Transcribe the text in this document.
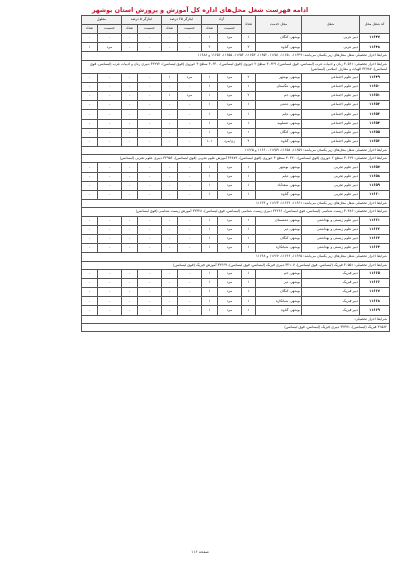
ادامه فهرست شغل محل‌های اداره کل آموزش و پرورش استان بوشهر
کد شغل محل	شغل	محل خدمت	تعداد	آزاد		ایثارگر ۲۵ درصد		ایثارگر ۵ درصد		معلول		
				جنسیت	تعداد	جنسیت	تعداد	جنسیت	تعداد	جنسیت	تعداد	
۱۱۶۴۷	دبیر عربی	بوشهر- کنگان	۱	مرد	۱	-	-	-	-	-	-	
۱۱۶۴۸	دبیر عربی	بوشهر- گناوه	۳	مرد	۲	-	-	-	-	مرد	۱	
شرایط احراز تحصیلی شغل محل‌های زیر یکسان می‌باشد: ۱۱۶۴۹، ۱۱۶۵۰، ۱۱۶۵۱، ۱۱۶۵۲، ۱۱۶۵۳، ۱۱۶۵۴، ۱۱۶۵۵، ۱۱۶۵۶ و ۱۱۶۸۸												
شرایط احراز تحصیلی: ۳۰۵۶۱ زبان و ادبیات عرب (لیسانس، فوق لیسانس)، ۳۰۶۲۹ سطح ۲ حوزوی (فوق لیسانس)، ۳۰۶۳۰ سطح ۳ حوزوی (فوق لیسانس)، ۳۲۲۷۲ دبیری زبان و ادبیات عرب (لیسانس، فوق لیسانس)، ۳۲۷۸۷ الهیات و معارف اسلامی (لیسانس)												
۱۱۶۴۹	دبیر علوم اجتماعی	بوشهر- بوشهر	۲	مرد	۱	مرد	۱	-	-	-	-	
۱۱۶۵۰	دبیر علوم اجتماعی	بوشهر- تنگستان	۱	مرد	۱	-	-	-	-	-	-	
۱۱۶۵۱	دبیر علوم اجتماعی	بوشهر- جم	۲	مرد	۱	مرد	۱	-	-	-	-	
۱۱۶۵۲	دبیر علوم اجتماعی	بوشهر- دشتی	۱	مرد	۱	-	-	-	-	-	-	
۱۱۶۵۳	دبیر علوم اجتماعی	بوشهر- دیلم	۱	مرد	۱	-	-	-	-	-	-	
۱۱۶۵۴	دبیر علوم اجتماعی	بوشهر- عسلویه	۱	مرد	۱	-	-	-	-	-	-	
۱۱۶۵۵	دبیر علوم اجتماعی	بوشهر- کنگان	۱	مرد	۱	-	-	-	-	-	-	
۱۱۶۵۶	دبیر علوم اجتماعی	بوشهر- گناوه	۴	زن/مرد	۱ ،۱	-	-	-	-	-	-	
شرایط احراز تحصیلی شغل محل‌های زیر یکسان می‌باشد: ۱۱۶۵۷، ۱۱۶۵۸، ۱۱۶۵۹، ۱۱۶۶۰ و ۱۱۶۶۵												
شرایط احراز تحصیلی: ۳۰۶۲۹ سطح ۲ حوزوی (فوق لیسانس)، ۳۰۶۳۰ سطح ۳ حوزوی (فوق لیسانس)، ۳۲۸۷۹ آموزش علوم تجربی (فوق لیسانس)، ۳۲۹۵۶ دبیری علوم تجربی (لیسانس)												
۱۱۶۵۷	دبیر علوم تجربی	بوشهر- بوشهر	۱	مرد	۱	-	-	-	-	-	-	
۱۱۶۵۸	دبیر علوم تجربی	بوشهر- دیلم	۱	مرد	۱	-	-	-	-	-	-	
۱۱۶۵۹	دبیر علوم تجربی	بوشهر- سعدآباد	۱	مرد	۱	-	-	-	-	-	-	
۱۱۶۶۰	دبیر علوم تجربی	بوشهر- گناوه	۱	مرد	۱	-	-	-	-	-	-	
شرایط احراز تحصیلی شغل محل‌های زیر یکسان می‌باشد: ۱۱۶۶۱، ۱۱۶۶۲، ۱۱۶۶۳ و ۱۱۶۶۴												
شرایط احراز تحصیلی: ۳۰۴۸۶ زیست شناسی (لیسانس، فوق لیسانس)، ۳۲۲۶۶ دبیری زیست شناسی (لیسانس، فوق لیسانس)، ۳۲۳۲۸ آموزش زیست شناسی (فوق لیسانس)												
۱۱۶۶۱	دبیر علوم زیستی و بهداشتی	بوشهر- دشتستان	۱	مرد	۱	-	-	-	-	-	-	
۱۱۶۶۲	دبیر علوم زیستی و بهداشتی	بوشهر- دیر	۱	مرد	۱	-	-	-	-	-	-	
۱۱۶۶۳	دبیر علوم زیستی و بهداشتی	بوشهر- کنگان	۱	مرد	۱	-	-	-	-	-	-	
۱۱۶۶۴	دبیر علوم زیستی و بهداشتی	بوشهر- شبانکاره	۱	مرد	۱	-	-	-	-	-	-	
شرایط احراز تحصیلی شغل محل‌های زیر یکسان می‌باشد: ۱۱۶۶۵، ۱۱۶۶۶، ۱۱۶۶۷ و ۱۱۶۶۸												
شرایط احراز تحصیلی: ۳۰۵۵۱ فیزیک (لیسانس، فوق لیسانس)، ۳۲۱۰۷ دبیری فیزیک (لیسانس، فوق لیسانس)، ۳۲۲۶۹ آموزش فیزیک (فوق لیسانس)												
۱۱۶۶۵	دبیر فیزیک	بوشهر- جم	۱	مرد	۱	-	-	-	-	-	-	
۱۱۶۶۶	دبیر فیزیک	بوشهر- دیر	۱	مرد	۱	-	-	-	-	-	-	
۱۱۶۶۷	دبیر فیزیک	بوشهر- کنگان	۱	مرد	۱	-	-	-	-	-	-	
۱۱۶۶۸	دبیر فیزیک	بوشهر- شبانکاره	۱	مرد	۱	-	-	-	-	-	-	
۱۱۶۶۹	دبیر فیزیک	بوشهر- گناوه	۱	مرد	۱	-	-	-	-	-	-	
شرایط احراز تحصیلی:												
۳۱۵۸۲ فیزیک (لیسانس)، ۳۲۳۷۱ دبیری فیزیک (لیسانس، فوق لیسانس)												
صفحه ۱۱۶
